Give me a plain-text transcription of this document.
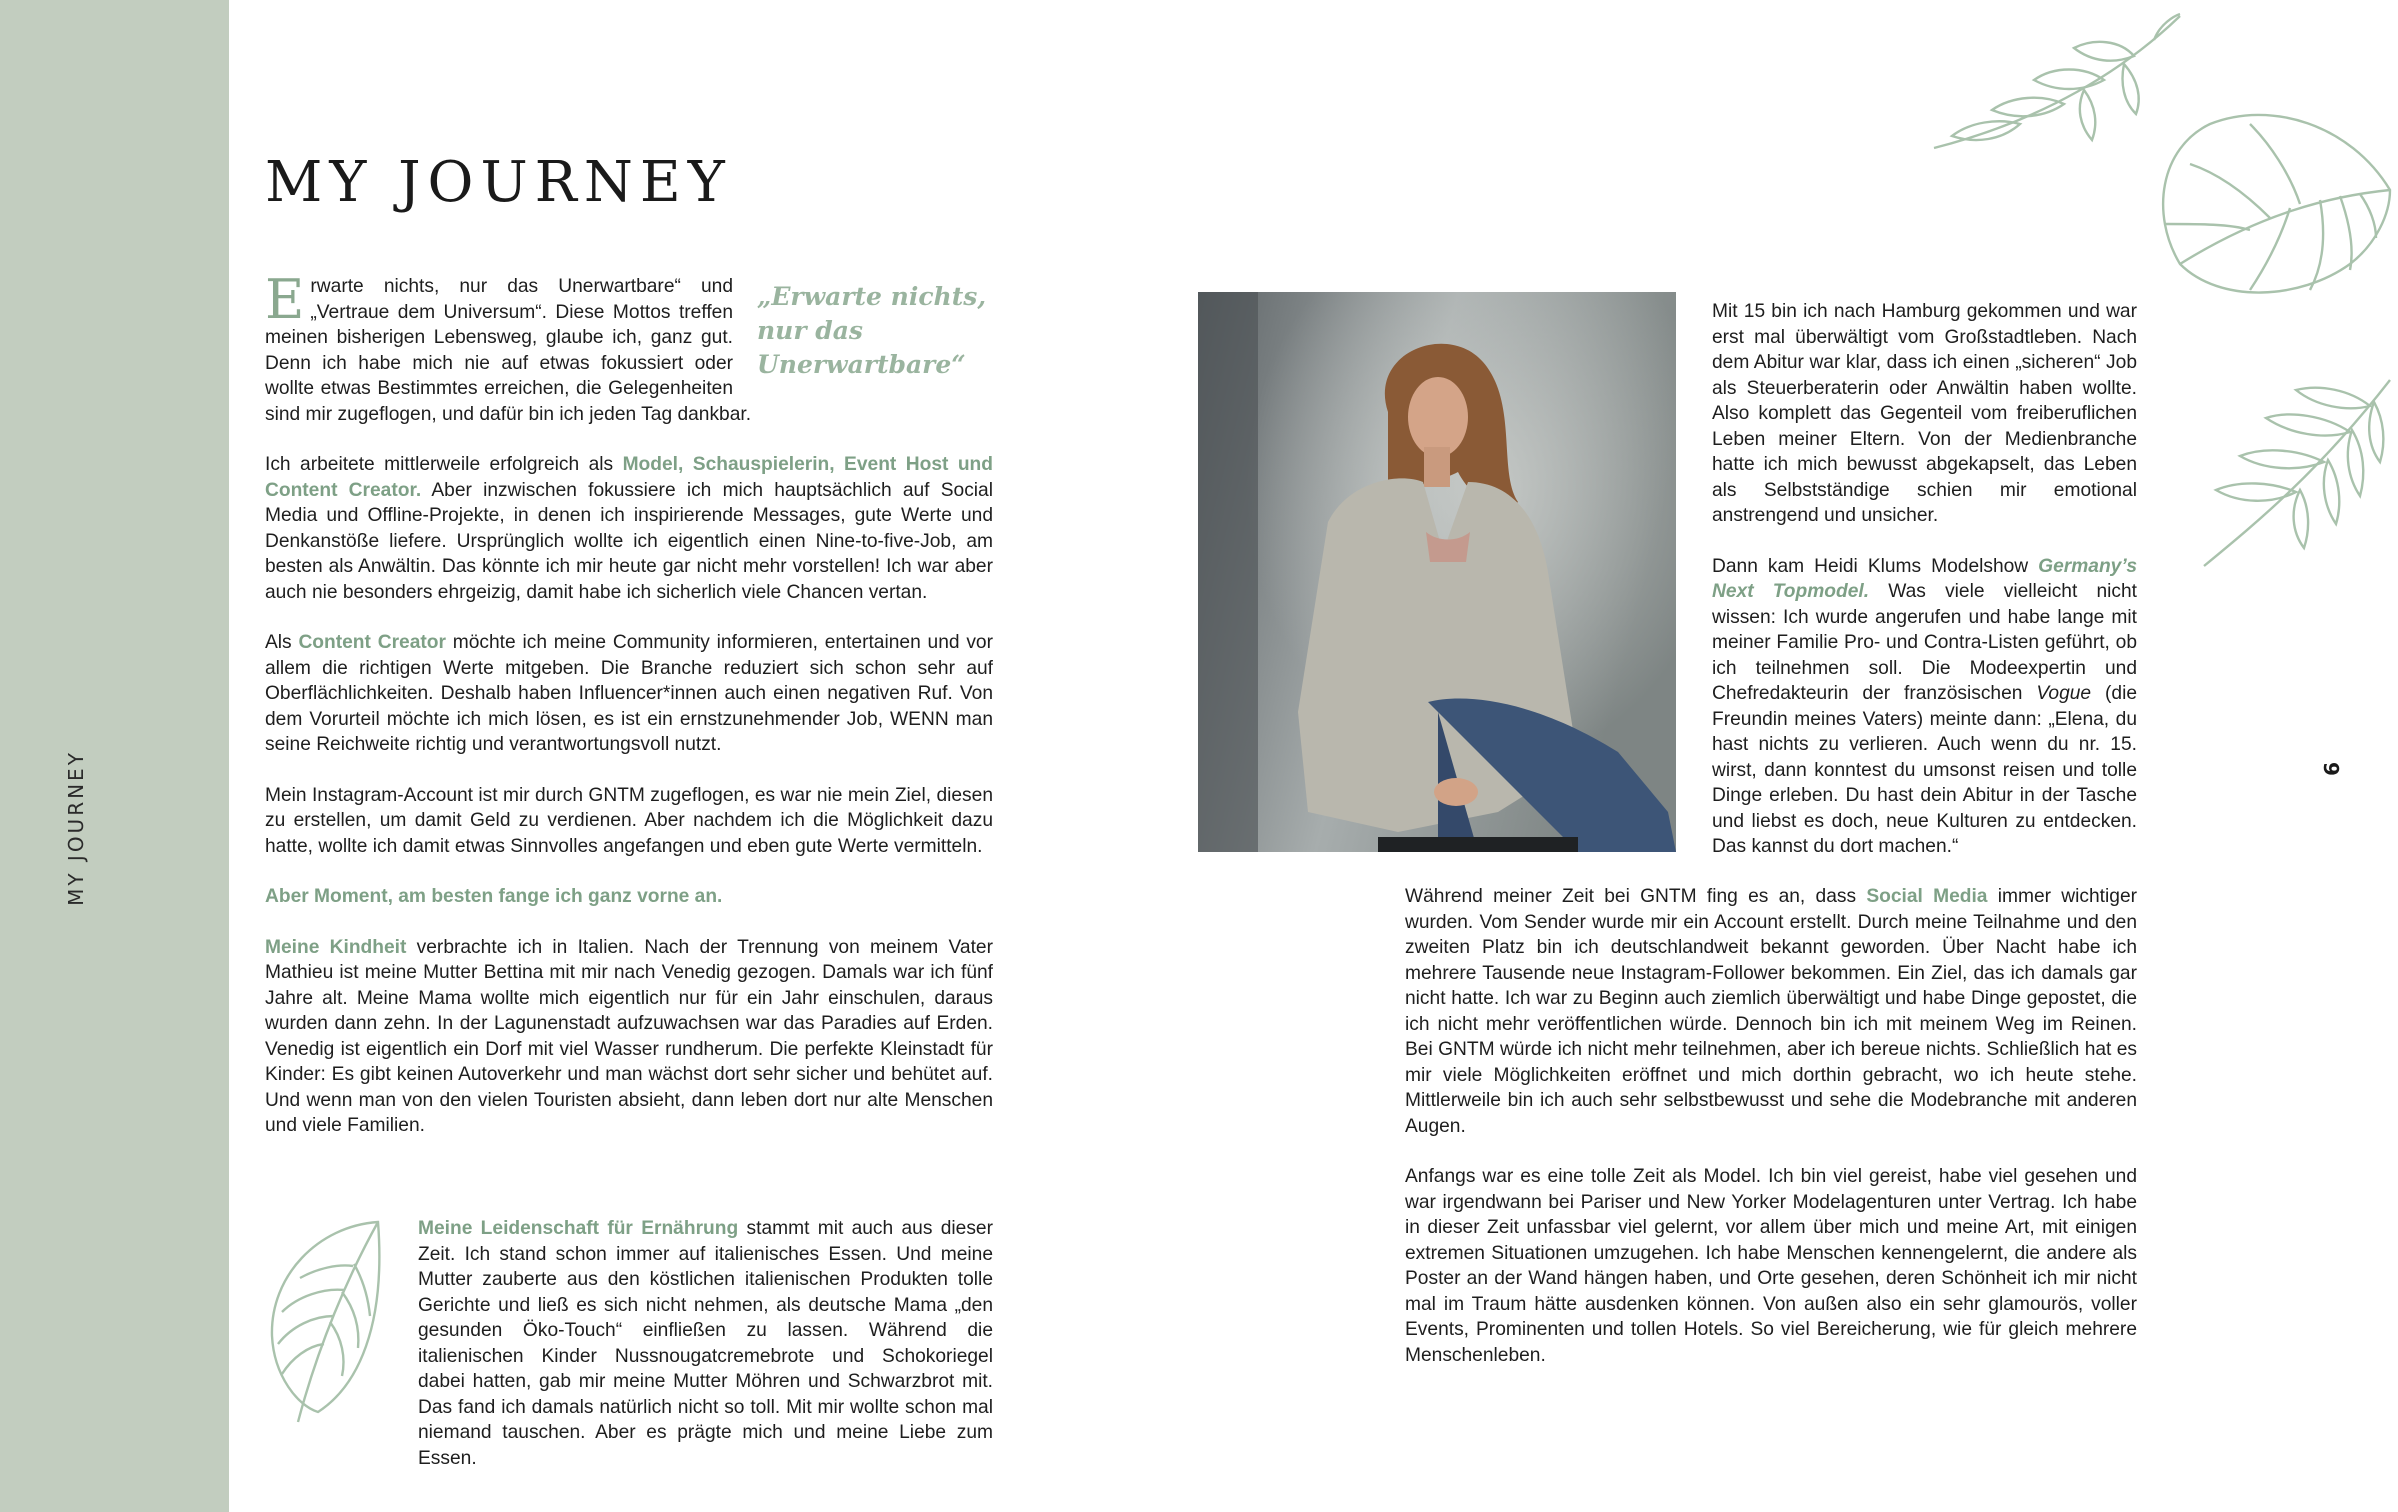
MY JOURNEY
MY JOURNEY

E	„Erwarte nichts, nur das Unerwartbare“
rwarte nichts, nur das Unerwartbare“ und „Vertraue dem Universum“. Diese Mottos treffen meinen bisherigen Lebensweg, glaube ich, ganz gut. Denn ich habe mich nie auf etwas fokussiert oder wollte etwas Bestimmtes erreichen, die Gelegenheiten sind mir zugeflogen, und dafür bin ich jeden Tag dankbar.

Ich arbeitete mittlerweile erfolgreich als Model, Schauspielerin, Event Host und Content Creator. Aber inzwischen fokussiere ich mich hauptsächlich auf Social Media und Offline-Projekte, in denen ich inspirierende Messages, gute Werte und Denkanstöße liefere. Ursprünglich wollte ich eigentlich einen Nine-to-five-Job, am besten als Anwältin. Das könnte ich mir heute gar nicht mehr vorstellen! Ich war aber auch nie besonders ehrgeizig, damit habe ich sicherlich viele Chancen vertan.

Als Content Creator möchte ich meine Community informieren, entertainen und vor allem die richtigen Werte mitgeben. Die Branche reduziert sich schon sehr auf Oberflächlichkeiten. Deshalb haben Influencer*innen auch einen negativen Ruf. Von dem Vorurteil möchte ich mich lösen, es ist ein ernstzunehmender Job, WENN man seine Reichweite richtig und verantwortungsvoll nutzt.

Mein Instagram-Account ist mir durch GNTM zugeflogen, es war nie mein Ziel, diesen zu erstellen, um damit Geld zu verdienen. Aber nachdem ich die Möglichkeit dazu hatte, wollte ich damit etwas Sinnvolles angefangen und eben gute Werte vermitteln.

Aber Moment, am besten fange ich ganz vorne an.

Meine Kindheit verbrachte ich in Italien. Nach der Trennung von meinem Vater Mathieu ist meine Mutter Bettina mit mir nach Venedig gezogen. Damals war ich fünf Jahre alt. Meine Mama wollte mich eigentlich nur für ein Jahr einschulen, daraus wurden dann zehn. In der Lagunenstadt aufzuwachsen war das Paradies auf Erden. Venedig ist eigentlich ein Dorf mit viel Wasser rundherum. Die perfekte Kleinstadt für Kinder: Es gibt keinen Autoverkehr und man wächst dort sehr sicher und behütet auf. Und wenn man von den vielen Touristen absieht, dann leben dort nur alte Menschen und viele Familien.

Meine Leidenschaft für Ernährung stammt mit auch aus dieser Zeit. Ich stand schon immer auf italienisches Essen. Und meine Mutter zauberte aus den köstlichen italienischen Produkten tolle Gerichte und ließ es sich nicht nehmen, als deutsche Mama „den gesunden Öko-Touch“ einfließen zu lassen. Während die italienischen Kinder Nussnougatcremebrote und Schokoriegel dabei hatten, gab mir meine Mutter Möhren und Schwarzbrot mit. Das fand ich damals natürlich nicht so toll. Mit mir wollte schon mal niemand tauschen. Aber es prägte mich und meine Liebe zum Essen.

Mit 15 bin ich nach Hamburg gekommen und war erst mal überwältigt vom Großstadtleben. Nach dem Abitur war klar, dass ich einen „sicheren“ Job als Steuerberaterin oder Anwältin haben wollte. Also komplett das Gegenteil vom freiberuflichen Leben meiner Eltern. Von der Medienbranche hatte ich mich bewusst abgekapselt, das Leben als Selbstständige schien mir emotional anstrengend und unsicher.

Dann kam Heidi Klums Modelshow Germany’s Next Topmodel. Was viele vielleicht nicht wissen: Ich wurde angerufen und habe lange mit meiner Familie Pro- und Contra-Listen geführt, ob ich teilnehmen soll. Die Modeexpertin und Chefredakteurin der französischen Vogue (die Freundin meines Vaters) meinte dann: „Elena, du hast nichts zu verlieren. Auch wenn du nr. 15. wirst, dann konntest du umsonst reisen und tolle Dinge erleben. Du hast dein Abitur in der Tasche und liebst es doch, neue Kulturen zu entdecken. Das kannst du dort machen.“

Während meiner Zeit bei GNTM fing es an, dass Social Media immer wichtiger wurden. Vom Sender wurde mir ein Account erstellt. Durch meine Teilnahme und den zweiten Platz bin ich deutschlandweit bekannt geworden. Über Nacht habe ich mehrere Tausende neue Instagram-Follower bekommen. Ein Ziel, das ich damals gar nicht hatte. Ich war zu Beginn auch ziemlich überwältigt und habe Dinge gepostet, die ich nicht mehr veröffentlichen würde. Dennoch bin ich mit meinem Weg im Reinen. Bei GNTM würde ich nicht mehr teilnehmen, aber ich bereue nichts. Schließlich hat es mir viele Möglichkeiten eröffnet und mich dorthin gebracht, wo ich heute stehe. Mittlerweile bin ich auch sehr selbstbewusst und sehe die Modebranche mit anderen Augen.

Anfangs war es eine tolle Zeit als Model. Ich bin viel gereist, habe viel gesehen und war irgendwann bei Pariser und New Yorker Modelagenturen unter Vertrag. Ich habe in dieser Zeit unfassbar viel gelernt, vor allem über mich und meine Art, mit einigen extremen Situationen umzugehen. Ich habe Menschen kennengelernt, die andere als Poster an der Wand hängen haben, und Orte gesehen, deren Schönheit ich mir nicht mal im Traum hätte ausdenken können. Von außen also ein sehr glamourös, voller Events, Prominenten und tollen Hotels. So viel Bereicherung, wie für gleich mehrere Menschenleben.

9
